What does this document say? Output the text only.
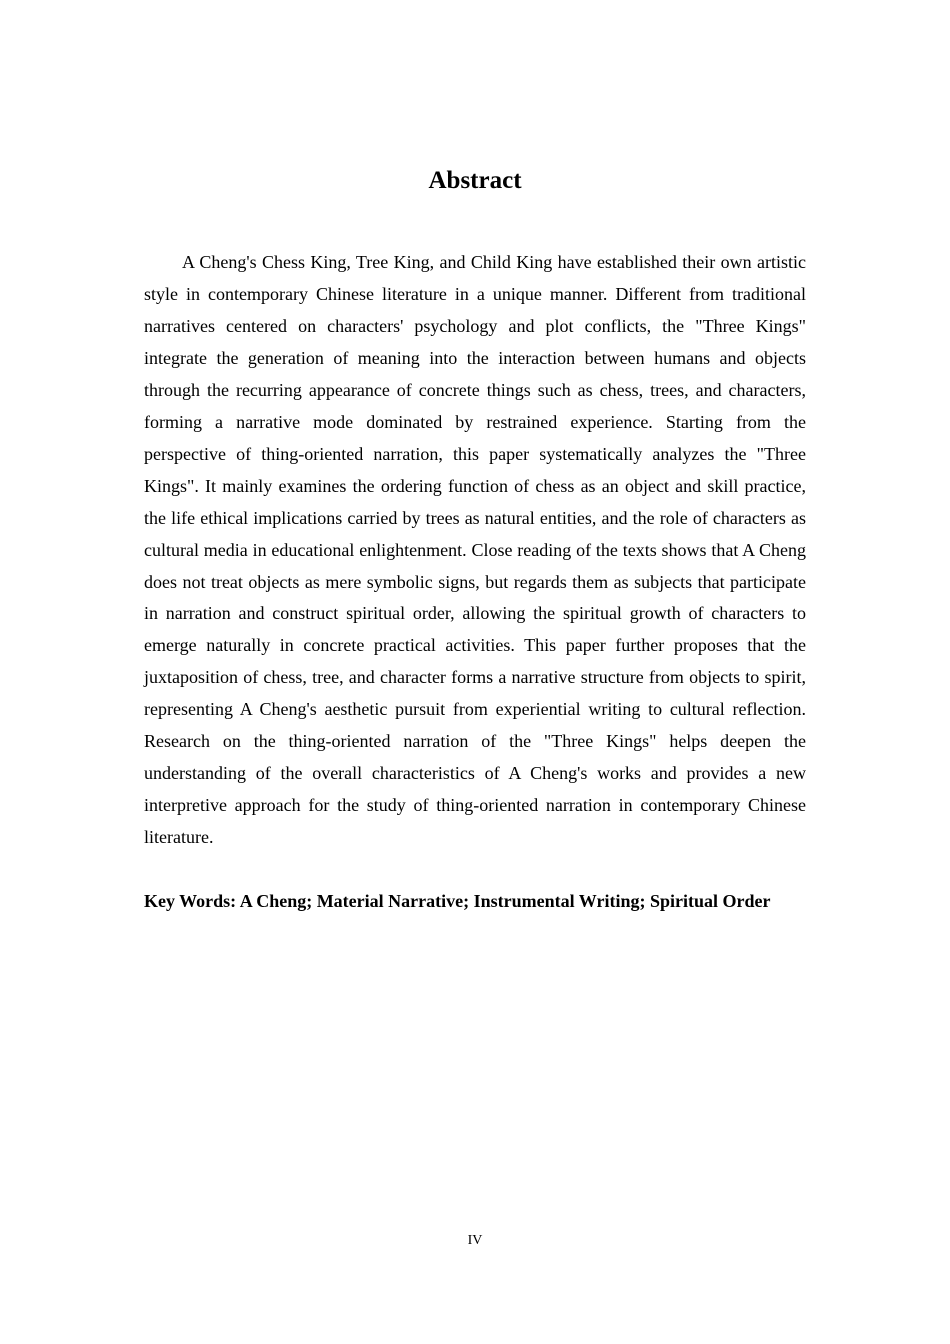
Abstract

A Cheng's Chess King, Tree King, and Child King have established their own artistic style in contemporary Chinese literature in a unique manner. Different from traditional narratives centered on characters' psychology and plot conflicts, the "Three Kings" integrate the generation of meaning into the interaction between humans and objects through the recurring appearance of concrete things such as chess, trees, and characters, forming a narrative mode dominated by restrained experience. Starting from the perspective of thing-oriented narration, this paper systematically analyzes the "Three Kings". It mainly examines the ordering function of chess as an object and skill practice, the life ethical implications carried by trees as natural entities, and the role of characters as cultural media in educational enlightenment. Close reading of the texts shows that A Cheng does not treat objects as mere symbolic signs, but regards them as subjects that participate in narration and construct spiritual order, allowing the spiritual growth of characters to emerge naturally in concrete practical activities. This paper further proposes that the juxtaposition of chess, tree, and character forms a narrative structure from objects to spirit, representing A Cheng's aesthetic pursuit from experiential writing to cultural reflection. Research on the thing-oriented narration of the "Three Kings" helps deepen the understanding of the overall characteristics of A Cheng's works and provides a new interpretive approach for the study of thing-oriented narration in contemporary Chinese literature.

Key Words: A Cheng; Material Narrative; Instrumental Writing; Spiritual Order

IV
